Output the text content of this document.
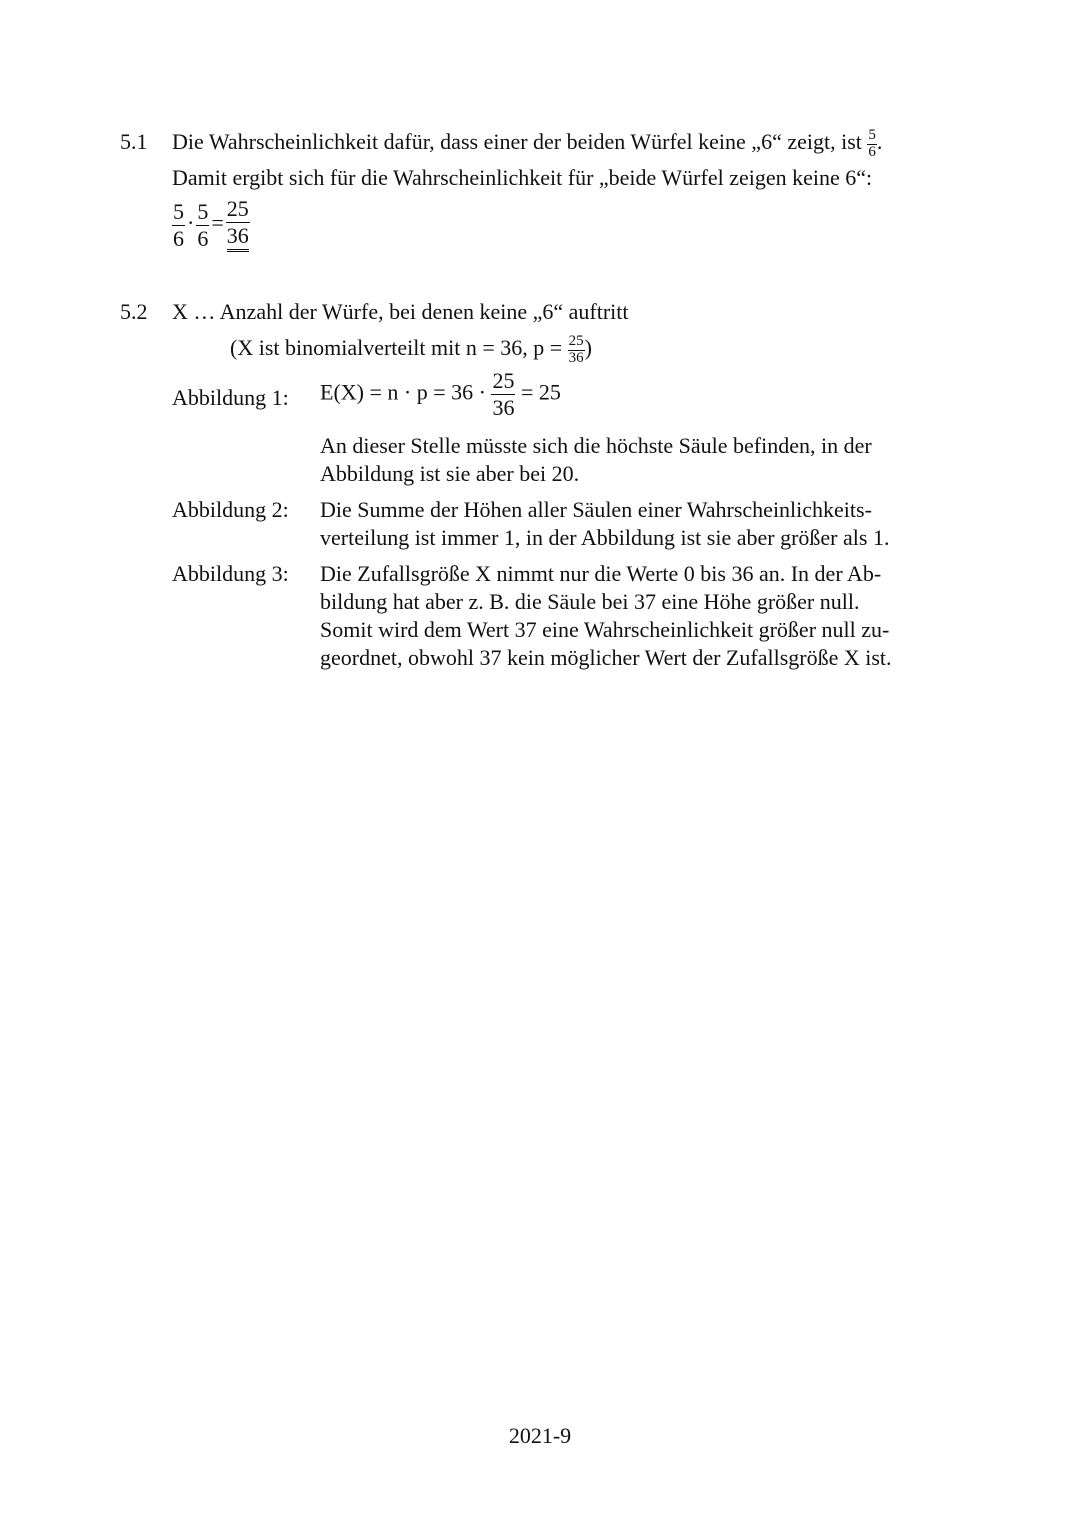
5.1 Die Wahrscheinlichkeit dafür, dass einer der beiden Würfel keine „6“ zeigt, ist $\frac{5}{6}$ .
Damit ergibt sich für die Wahrscheinlichkeit für „beide Würfel zeigen keine 6“:
$\frac{5}{6} \cdot \frac{5}{6} = \frac{25}{36}$
5.2 X … Anzahl der Würfe, bei denen keine „6“ auftritt
(X ist binomialverteilt mit n = 36, $p = \frac{25}{36}$ )
Abbildung 1: $E(X) = n \cdot p = 36 \cdot \frac{25}{36} = 25$
An dieser Stelle müsste sich die höchste Säule befinden, in der
Abbildung ist sie aber bei 20.
Abbildung 2: Die Summe der Höhen aller Säulen einer Wahrscheinlichkeits-
verteilung ist immer 1, in der Abbildung ist sie aber größer als 1.
Abbildung 3: Die Zufallsgröße X nimmt nur die Werte 0 bis 36 an. In der Ab-
bildung hat aber z. B. die Säule bei 37 eine Höhe größer null.
Somit wird dem Wert 37 eine Wahrscheinlichkeit größer null zu-
geordnet, obwohl 37 kein möglicher Wert der Zufallsgröße X ist.
2021-9
